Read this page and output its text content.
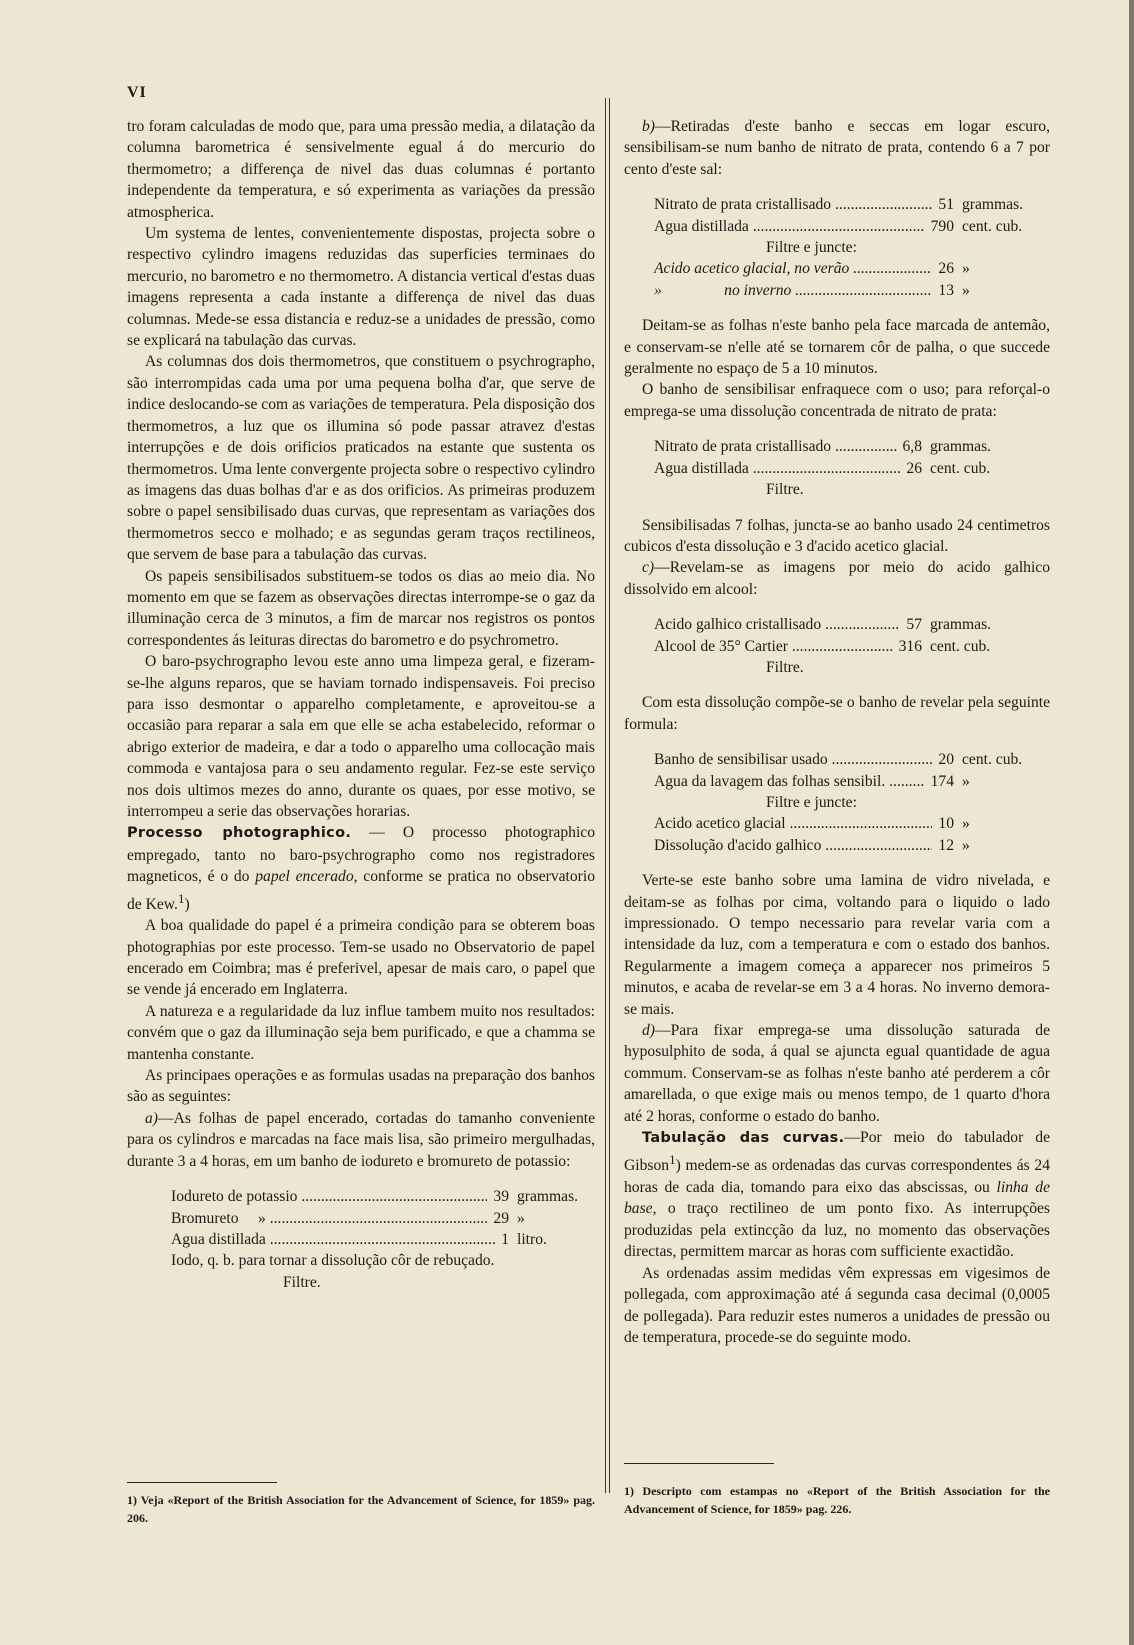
VI

tro foram calculadas de modo que, para uma pressão media, a dilatação da columna barometrica é sensivelmente egual á do mercurio do thermometro; a differença de nivel das duas columnas é portanto independente da temperatura, e só experimenta as variações da pressão atmospherica.

Um systema de lentes, convenientemente dispostas, projecta sobre o respectivo cylindro imagens reduzidas das superficies terminaes do mercurio, no barometro e no thermometro. A distancia vertical d'estas duas imagens representa a cada instante a differença de nivel das duas columnas. Mede-se essa distancia e reduz-se a unidades de pressão, como se explicará na tabulação das curvas.

As columnas dos dois thermometros, que constituem o psychrographo, são interrompidas cada uma por uma pequena bolha d'ar, que serve de indice deslocando-se com as variações de temperatura. Pela disposição dos thermometros, a luz que os illumina só pode passar atravez d'estas interrupções e de dois orificios praticados na estante que sustenta os thermometros. Uma lente convergente projecta sobre o respectivo cylindro as imagens das duas bolhas d'ar e as dos orificios. As primeiras produzem sobre o papel sensibilisado duas curvas, que representam as variações dos thermometros secco e molhado; e as segundas geram traços rectilineos, que servem de base para a tabulação das curvas.

Os papeis sensibilisados substituem-se todos os dias ao meio dia. No momento em que se fazem as observações directas interrompe-se o gaz da illuminação cerca de 3 minutos, a fim de marcar nos registros os pontos correspondentes ás leituras directas do barometro e do psychrometro.

O baro-psychrographo levou este anno uma limpeza geral, e fizeram-se-lhe alguns reparos, que se haviam tornado indispensaveis. Foi preciso para isso desmontar o apparelho completamente, e aproveitou-se a occasião para reparar a sala em que elle se acha estabelecido, reformar o abrigo exterior de madeira, e dar a todo o apparelho uma collocação mais commoda e vantajosa para o seu andamento regular. Fez-se este serviço nos dois ultimos mezes do anno, durante os quaes, por esse motivo, se interrompeu a serie das observações horarias.

Processo photographico. — O processo photographico empregado, tanto no baro-psychrographo como nos registradores magneticos, é o do papel encerado, conforme se pratica no observatorio de Kew.$^1$)

A boa qualidade do papel é a primeira condição para se obterem boas photographias por este processo. Tem-se usado no Observatorio de papel encerado em Coimbra; mas é preferivel, apesar de mais caro, o papel que se vende já encerado em Inglaterra.

A natureza e a regularidade da luz influe tambem muito nos resultados: convém que o gaz da illuminação seja bem purificado, e que a chamma se mantenha constante.

As principaes operações e as formulas usadas na preparação dos banhos são as seguintes:

a)—As folhas de papel encerado, cortadas do tamanho conveniente para os cylindros e marcadas na face mais lisa, são primeiro mergulhadas, durante 3 a 4 horas, em um banho de iodureto e bromureto de potassio:

Iodureto de potassio .....	39 grammas.
Bromureto     » .....	29 »
Agua distillada .....	1 litro.
Iodo, q. b. para tornar a dissolução côr de rebuçado.
Filtre.
1) Veja «Report of the British Association for the Advancement of Science, for 1859» pag. 206.

b)—Retiradas d'este banho e seccas em logar escuro, sensibilisam-se num banho de nitrato de prata, contendo 6 a 7 por cento d'este sal:

Nitrato de prata cristallisado .....	51 grammas.
Agua distillada .....	790 cent. cub.
Filtre e juncte:
Acido acetico glacial, no verão .....	26 »
»                no inverno .....	13 »

Deitam-se as folhas n'este banho pela face marcada de antemão, e conservam-se n'elle até se tornarem côr de palha, o que succede geralmente no espaço de 5 a 10 minutos.

O banho de sensibilisar enfraquece com o uso; para reforçal-o emprega-se uma dissolução concentrada de nitrato de prata:

Nitrato de prata cristallisado .....	6,8 grammas.
Agua distillada .....	26 cent. cub.
Filtre.

Sensibilisadas 7 folhas, juncta-se ao banho usado 24 centimetros cubicos d'esta dissolução e 3 d'acido acetico glacial.

c)—Revelam-se as imagens por meio do acido galhico dissolvido em alcool:

Acido galhico cristallisado .....	57 grammas.
Alcool de 35° Cartier .....	316 cent. cub.
Filtre.

Com esta dissolução compõe-se o banho de revelar pela seguinte formula:

Banho de sensibilisar usado .....	20 cent. cub.
Agua da lavagem das folhas sensibil. .....	174 »
Filtre e juncte:
Acido acetico glacial .....	10 »
Dissolução d'acido galhico .....	12 »

Verte-se este banho sobre uma lamina de vidro nivelada, e deitam-se as folhas por cima, voltando para o liquido o lado impressionado. O tempo necessario para revelar varia com a intensidade da luz, com a temperatura e com o estado dos banhos. Regularmente a imagem começa a apparecer nos primeiros 5 minutos, e acaba de revelar-se em 3 a 4 horas. No inverno demora-se mais.

d)—Para fixar emprega-se uma dissolução saturada de hyposulphito de soda, á qual se ajuncta egual quantidade de agua commum. Conservam-se as folhas n'este banho até perderem a côr amarellada, o que exige mais ou menos tempo, de 1 quarto d'hora até 2 horas, conforme o estado do banho.

Tabulação das curvas.—Por meio do tabulador de Gibson$^1$) medem-se as ordenadas das curvas correspondentes ás 24 horas de cada dia, tomando para eixo das abscissas, ou linha de base, o traço rectilineo de um ponto fixo. As interrupções produzidas pela extincção da luz, no momento das observações directas, permittem marcar as horas com sufficiente exactidão.

As ordenadas assim medidas vêm expressas em vigesimos de pollegada, com approximação até á segunda casa decimal (0,0005 de pollegada). Para reduzir estes numeros a unidades de pressão ou de temperatura, procede-se do seguinte modo.

1) Descripto com estampas no «Report of the British Association for the Advancement of Science, for 1859» pag. 226.
